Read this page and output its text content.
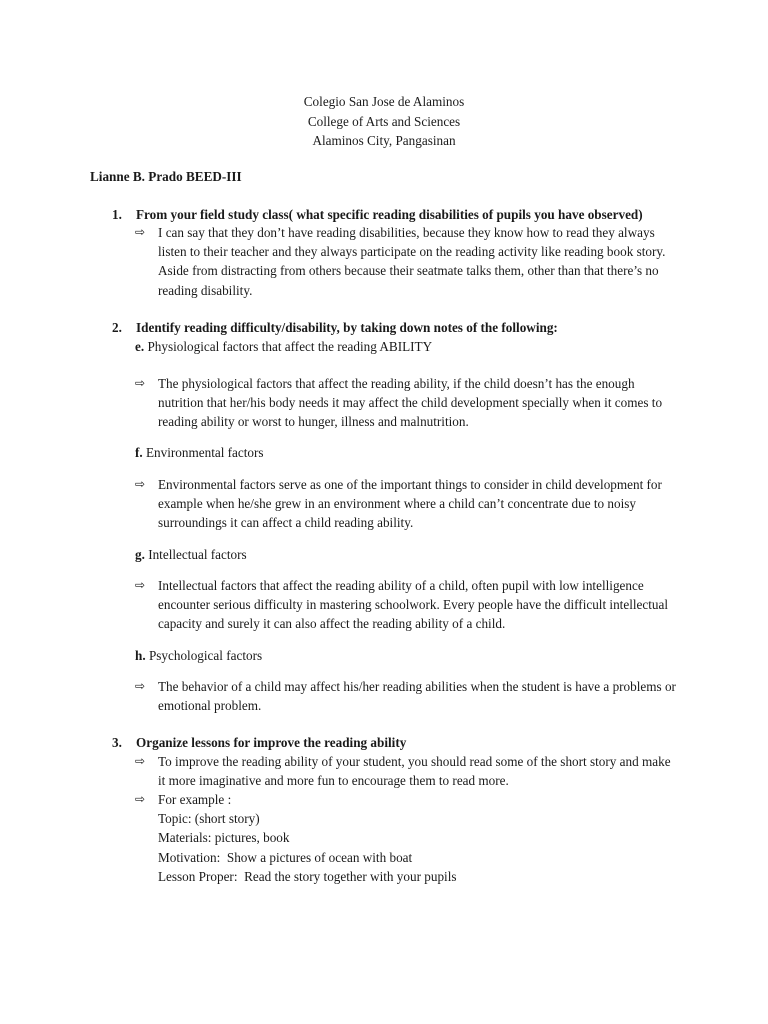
Colegio San Jose de Alaminos
College of Arts and Sciences
Alaminos City, Pangasinan
Lianne B. Prado BEED-III
1. From your field study class( what specific reading disabilities of pupils you have observed)
⇨ I can say that they don’t have reading disabilities, because they know how to read they always listen to their teacher and they always participate on the reading activity like reading book story. Aside from distracting from others because their seatmate talks them, other than that there’s no reading disability.
2. Identify reading difficulty/disability, by taking down notes of the following:
e. Physiological factors that affect the reading ABILITY
⇨ The physiological factors that affect the reading ability, if the child doesn’t has the enough nutrition that her/his body needs it may affect the child development specially when it comes to reading ability or worst to hunger, illness and malnutrition.
f. Environmental factors
⇨ Environmental factors serve as one of the important things to consider in child development for example when he/she grew in an environment where a child can’t concentrate due to noisy surroundings it can affect a child reading ability.
g. Intellectual factors
⇨ Intellectual factors that affect the reading ability of a child, often pupil with low intelligence encounter serious difficulty in mastering schoolwork. Every people have the difficult intellectual capacity and surely it can also affect the reading ability of a child.
h. Psychological factors
⇨ The behavior of a child may affect his/her reading abilities when the student is have a problems or emotional problem.
3. Organize lessons for improve the reading ability
⇨ To improve the reading ability of your student, you should read some of the short story and make it more imaginative and more fun to encourage them to read more.
⇨ For example :
Topic: (short story)
Materials: pictures, book
Motivation:  Show a pictures of ocean with boat
Lesson Proper:  Read the story together with your pupils
